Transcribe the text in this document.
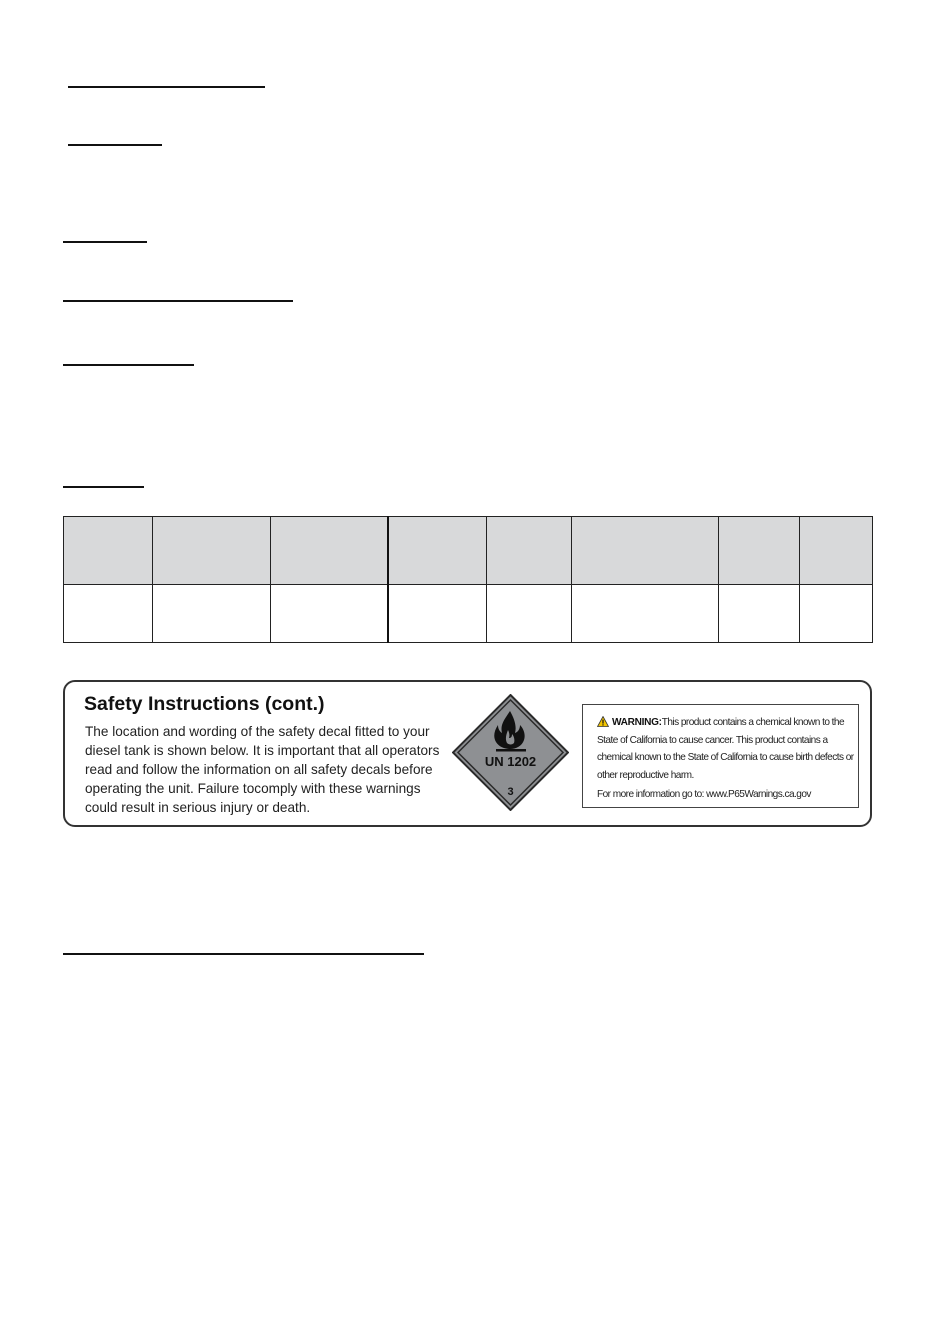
Safety Instructions (cont.)
The location and wording of the safety decal fitted to your
diesel tank is shown below. It is important that all operators
read and follow the information on all safety decals before
operating the unit. Failure tocomply with these warnings
could result in serious injury or death.
UN 1202
3
WARNING:This product contains a chemical known to the
State of California to cause cancer. This product contains a
chemical known to the State of California to cause birth defects or
other reproductive harm.
For more information go to: www.P65Warnings.ca.gov
